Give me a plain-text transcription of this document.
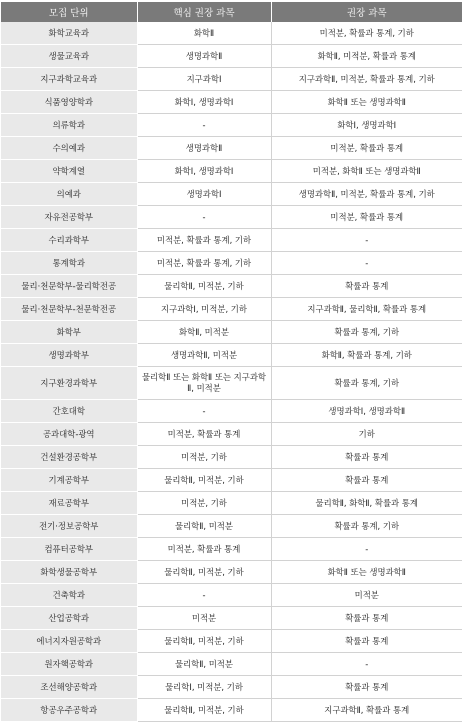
모집 단위	핵심 권장 과목	권장 과목
화학교육과	화학Ⅱ	미적분, 확률과 통계, 기하
생물교육과	생명과학Ⅱ	화학Ⅱ, 미적분, 확률과 통계
지구과학교육과	지구과학Ⅰ	지구과학Ⅱ, 미적분, 확률과 통계, 기하
식품영양학과	화학Ⅰ, 생명과학Ⅰ	화학Ⅱ 또는 생명과학Ⅱ
의류학과	-	화학Ⅰ, 생명과학Ⅰ
수의예과	생명과학Ⅱ	미적분, 확률과 통계
약학계열	화학Ⅰ, 생명과학Ⅰ	미적분, 화학Ⅱ 또는 생명과학Ⅱ
의예과	생명과학Ⅰ	생명과학Ⅱ, 미적분, 확률과 통계, 기하
자유전공학부	-	미적분, 확률과 통계
수리과학부	미적분, 확률과 통계, 기하	-
통계학과	미적분, 확률과 통계, 기하	-
물리·천문학부-물리학전공	물리학Ⅱ, 미적분, 기하	확률과 통계
물리·천문학부-천문학전공	지구과학Ⅰ, 미적분, 기하	지구과학Ⅱ, 물리학Ⅱ, 확률과 통계
화학부	화학Ⅱ, 미적분	확률과 통계, 기하
생명과학부	생명과학Ⅱ, 미적분	화학Ⅱ, 확률과 통계, 기하
지구환경과학부	물리학Ⅱ 또는 화학Ⅱ 또는 지구과학Ⅱ, 미적분	확률과 통계, 기하
간호대학	-	생명과학Ⅰ, 생명과학Ⅱ
공과대학-광역	미적분, 확률과 통계	기하
건설환경공학부	미적분, 기하	확률과 통계
기계공학부	물리학Ⅱ, 미적분, 기하	확률과 통계
재료공학부	미적분, 기하	물리학Ⅱ, 화학Ⅱ, 확률과 통계
전기·정보공학부	물리학Ⅱ, 미적분	확률과 통계, 기하
컴퓨터공학부	미적분, 확률과 통계	-
화학생물공학부	물리학Ⅱ, 미적분, 기하	화학Ⅱ 또는 생명과학Ⅱ
건축학과	-	미적분
산업공학과	미적분	확률과 통계
에너지자원공학과	물리학Ⅱ, 미적분, 기하	확률과 통계
원자핵공학과	물리학Ⅱ, 미적분	-
조선해양공학과	물리학Ⅰ, 미적분, 기하	확률과 통계
항공우주공학과	물리학Ⅱ, 미적분, 기하	지구과학Ⅱ, 확률과 통계
